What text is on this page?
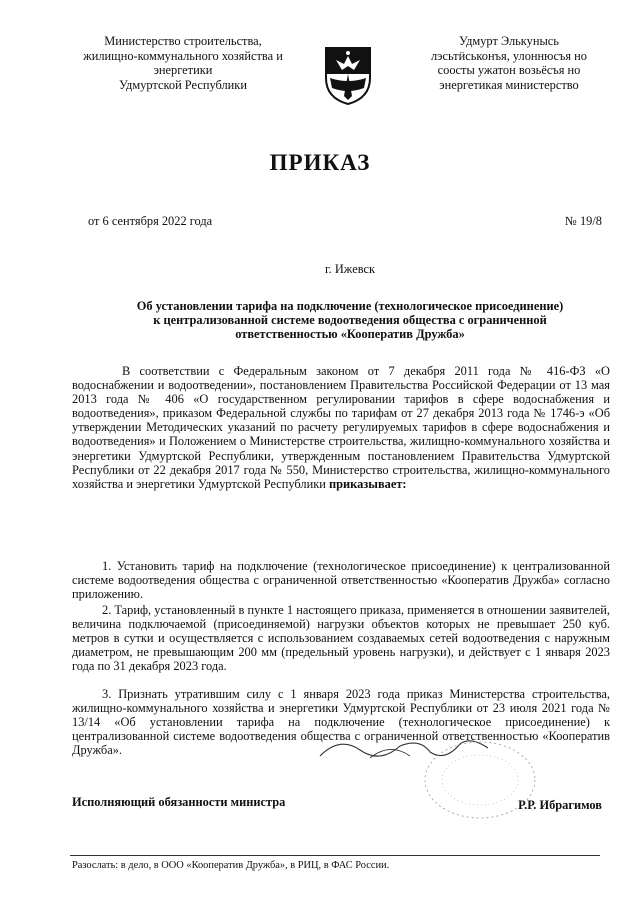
Министерство строительства,
жилищно-коммунального хозяйства и
энергетики
Удмуртской Республики
Удмурт Элькунысь
лэсьтӥськонъя, улоннюсъя но
сооcты ужатон возьёсъя но
энергетикая министерство
ПРИКАЗ
от 6 сентября 2022 года	№ 19/8
г. Ижевск
Об установлении тарифа на подключение (технологическое присоединение)
к централизованной системе водоотведения общества с ограниченной
ответственностью «Кооператив Дружба»

В соответствии с Федеральным законом от 7 декабря 2011 года № 416-ФЗ «О водоснабжении и водоотведении», постановлением Правительства Российской Федерации от 13 мая 2013 года № 406 «О государственном регулировании тарифов в сфере водоснабжения и водоотведения», приказом Федеральной службы по тарифам от 27 декабря 2013 года № 1746-э «Об утверждении Методических указаний по расчету регулируемых тарифов в сфере водоснабжения и водоотведения» и Положением о Министерстве строительства, жилищно-коммунального хозяйства и энергетики Удмуртской Республики, утвержденным постановлением Правительства Удмуртской Республики от 22 декабря 2017 года № 550, Министерство строительства, жилищно-коммунального хозяйства и энергетики Удмуртской Республики приказывает:

1. Установить тариф на подключение (технологическое присоединение) к централизованной системе водоотведения общества с ограниченной ответственностью «Кооператив Дружба» согласно приложению.

2. Тариф, установленный в пункте 1 настоящего приказа, применяется в отношении заявителей, величина подключаемой (присоединяемой) нагрузки объектов которых не превышает 250 куб. метров в сутки и осуществляется с использованием создаваемых сетей водоотведения с наружным диаметром, не превышающим 200 мм (предельный уровень нагрузки), и действует с 1 января 2023 года по 31 декабря 2023 года.

3. Признать утратившим силу с 1 января 2023 года приказ Министерства строительства, жилищно-коммунального хозяйства и энергетики Удмуртской Республики от 23 июля 2021 года № 13/14 «Об установлении тарифа на подключение (технологическое присоединение) к централизованной системе водоотведения общества с ограниченной ответственностью «Кооператив Дружба».

Исполняющий обязанности министра	Р.Р. Ибрагимов
Разослать: в дело, в ООО «Кооператив Дружба», в РИЦ, в ФАС России.
